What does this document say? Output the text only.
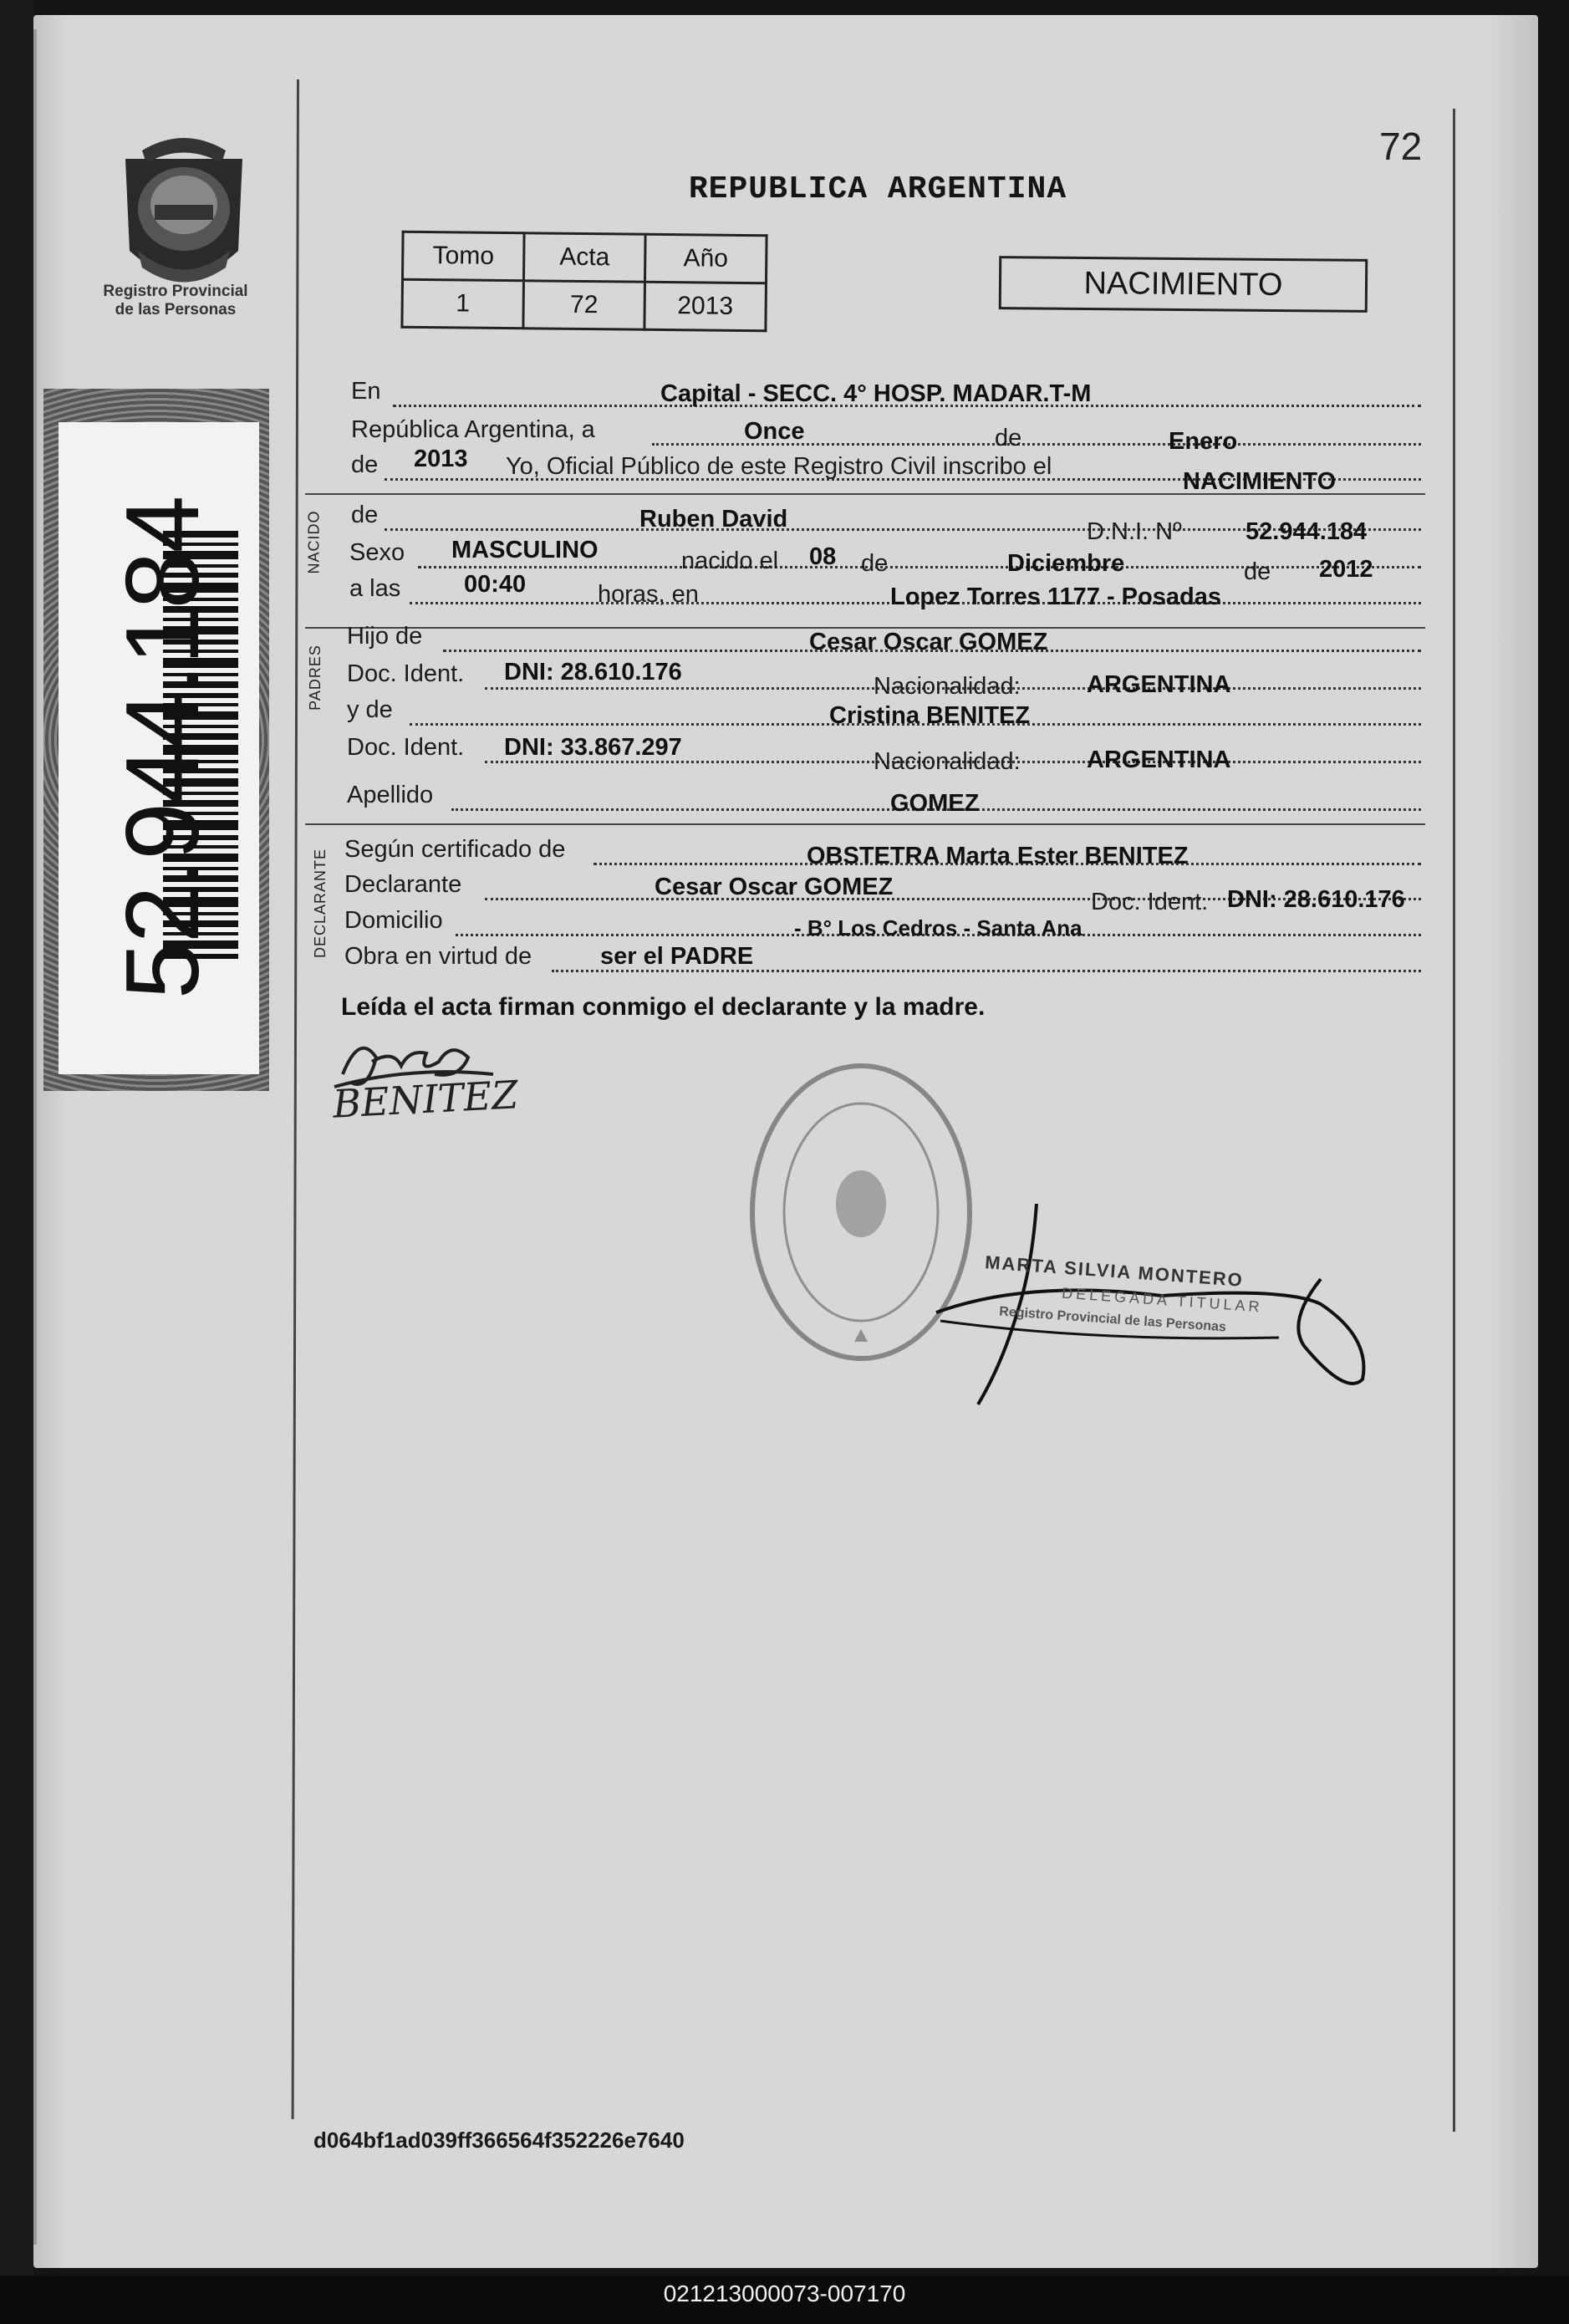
72
Registro Provincial
de las Personas
REPUBLICA ARGENTINA
Tomo	Acta	Año
1	72	2013
NACIMIENTO
52.944.184	NACIDO
PADRES
DECLARANTE
En	Capital - SECC. 4° HOSP. MADAR.T-M
República Argentina, a	Once	de	Enero
de 2013 Yo, Oficial Público de este Registro Civil inscribo el
NACIMIENTO
de	Ruben David	D.N.I. Nº	52.944.184
Sexo MASCULINO	nacido el 08 de	Diciembre	de 2012
a las	00:40	horas, en	Lopez Torres 1177 - Posadas
Hijo de	Cesar Oscar GOMEZ
Doc. Ident. DNI: 28.610.176
Nacionalidad:	ARGENTINA
y de	Cristina BENITEZ
Doc. Ident. DNI: 33.867.297
Nacionalidad:	ARGENTINA
Apellido	GOMEZ
Según certificado de	OBSTETRA Marta Ester BENITEZ
Declarante	Cesar Oscar GOMEZ
Doc. Ident. DNI: 28.610.176
Domicilio	- B° Los Cedros - Santa Ana
Obra en virtud de	ser el PADRE
Leída el acta firman conmigo el declarante y la madre.
BENITEZ
MARTA SILVIA MONTERO
DELEGADA TITULAR
Registro Provincial de las Personas
d064bf1ad039ff366564f352226e7640
021213000073-007170
